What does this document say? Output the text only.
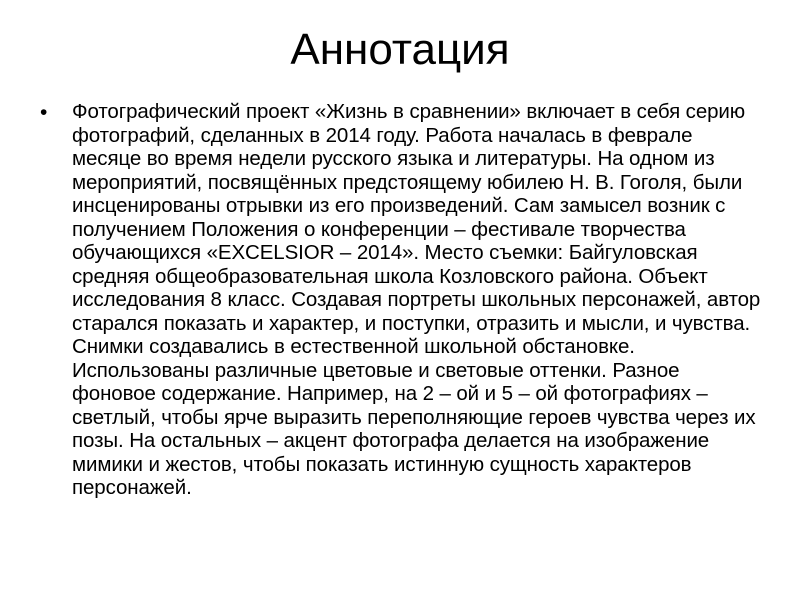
Аннотация
• Фотографический проект «Жизнь в сравнении» включает в себя серию фотографий, сделанных в 2014 году. Работа началась в феврале месяце во время недели русского языка и литературы. На одном из мероприятий, посвящённых предстоящему юбилею Н. В. Гоголя, были инсценированы отрывки из его произведений. Сам замысел возник с получением Положения о конференции – фестивале творчества обучающихся «EXCELSIOR – 2014». Место съемки: Байгуловская средняя общеобразовательная школа Козловского района. Объект исследования 8 класс. Создавая портреты школьных персонажей, автор старался показать и характер, и поступки, отразить и мысли, и чувства. Снимки создавались в естественной школьной обстановке. Использованы различные цветовые и световые оттенки. Разное фоновое содержание. Например, на 2 – ой и 5 – ой фотографиях – светлый, чтобы ярче выразить переполняющие героев чувства через их позы. На остальных – акцент фотографа делается на изображение мимики и жестов, чтобы показать истинную сущность характеров персонажей.
